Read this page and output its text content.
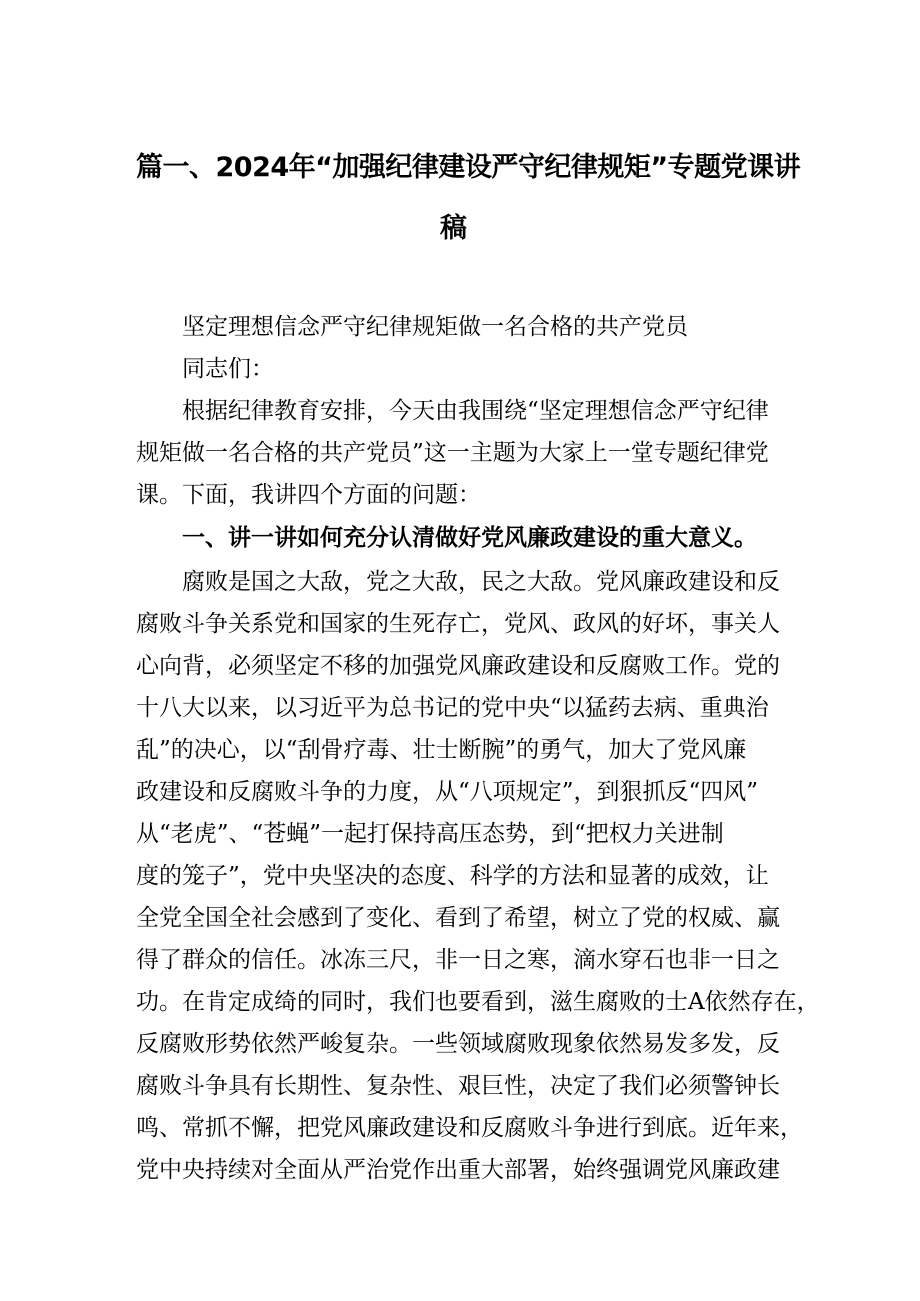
篇一、2024年“加强纪律建设严守纪律规矩”专题党课讲
稿
坚定理想信念严守纪律规矩做一名合格的共产党员
同志们：
根据纪律教育安排，今天由我围绕“坚定理想信念严守纪律
规矩做一名合格的共产党员”这一主题为大家上一堂专题纪律党
课。下面，我讲四个方面的问题：
一、讲一讲如何充分认清做好党风廉政建设的重大意义。
腐败是国之大敌，党之大敌，民之大敌。党风廉政建设和反
腐败斗争关系党和国家的生死存亡，党风、政风的好坏，事关人
心向背，必须坚定不移的加强党风廉政建设和反腐败工作。党的
十八大以来，以习近平为总书记的党中央“以猛药去病、重典治
乱”的决心，以“刮骨疗毒、壮士断腕”的勇气，加大了党风廉
政建设和反腐败斗争的力度，从“八项规定”，到狠抓反“四风”
从“老虎”、“苍蝇”一起打保持高压态势，到“把权力关进制
度的笼子”，党中央坚决的态度、科学的方法和显著的成效，让
全党全国全社会感到了变化、看到了希望，树立了党的权威、赢
得了群众的信任。冰冻三尺，非一日之寒，滴水穿石也非一日之
功。在肯定成绮的同时，我们也要看到，滋生腐败的士A依然存在，
反腐败形势依然严峻复杂。一些领域腐败现象依然易发多发，反
腐败斗争具有长期性、复杂性、艰巨性，决定了我们必须警钟长
鸣、常抓不懈，把党风廉政建设和反腐败斗争进行到底。近年来，
党中央持续对全面从严治党作出重大部署，始终强调党风廉政建
